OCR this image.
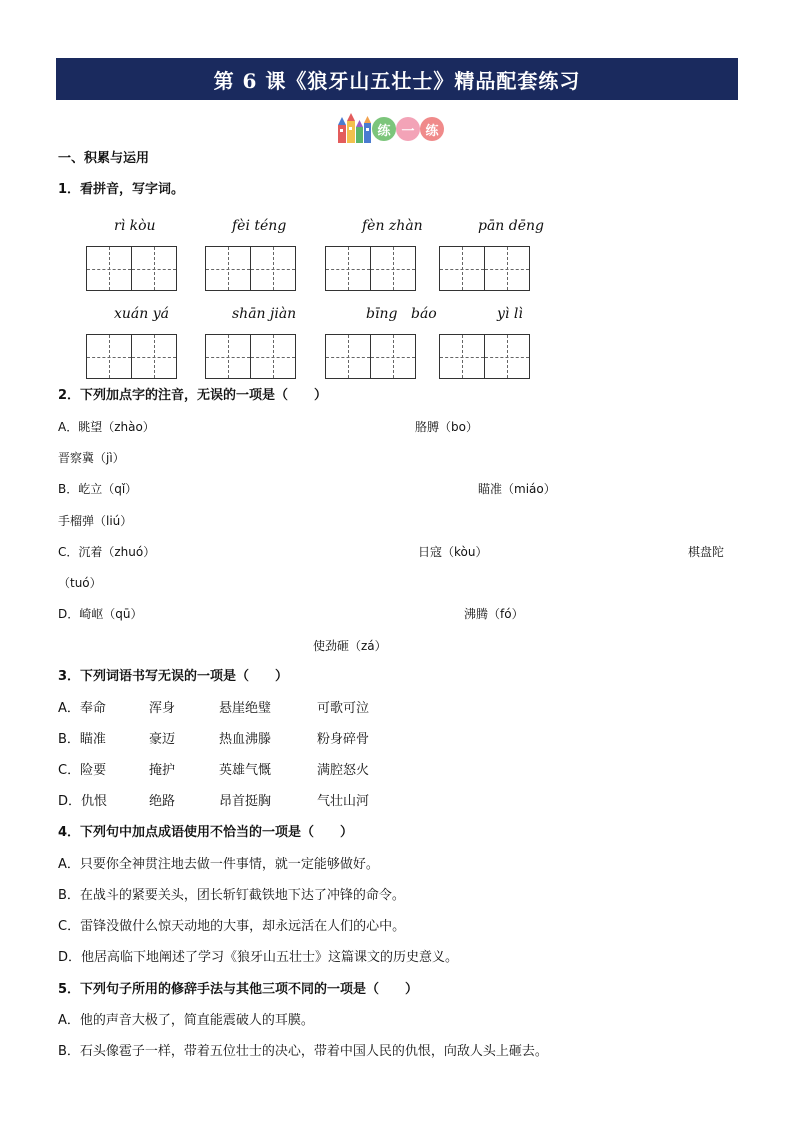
第 6 课《狼牙山五壮士》精品配套练习
练 一 练
一、积累与运用
1．看拼音，写字词。
rì kòu	fèi téng	fèn zhàn	pān dēng
xuán yá	shān jiàn	bīng báo	yì lì
2．下列加点字的注音，无误的一项是（　　）
A．眺望（zhào）	胳膊（bo）
晋察冀（jì）
B．屹立（qǐ）	瞄准（miáo）
手榴弹（liú）
C．沉着（zhuó）	日寇（kòu）	棋盘陀
（tuó）
D．崎岖（qū）	沸腾（fó）
使劲砸（zá）
3．下列词语书写无误的一项是（　　）
A．奉命	浑身	悬崖绝璧	可歌可泣
B．瞄准	豪迈	热血沸滕	粉身碎骨
C．险要	掩护	英雄气慨	满腔怒火
D．仇恨	绝路	昂首挺胸	气壮山河
4．下列句中加点成语使用不恰当的一项是（　　）
A．只要你全神贯注地去做一件事情，就一定能够做好。
B．在战斗的紧要关头，团长斩钉截铁地下达了冲锋的命令。
C．雷锋没做什么惊天动地的大事，却永远活在人们的心中。
D．他居高临下地阐述了学习《狼牙山五壮士》这篇课文的历史意义。
5．下列句子所用的修辞手法与其他三项不同的一项是（　　）
A．他的声音大极了，简直能震破人的耳膜。
B．石头像雹子一样，带着五位壮士的决心，带着中国人民的仇恨，向敌人头上砸去。
